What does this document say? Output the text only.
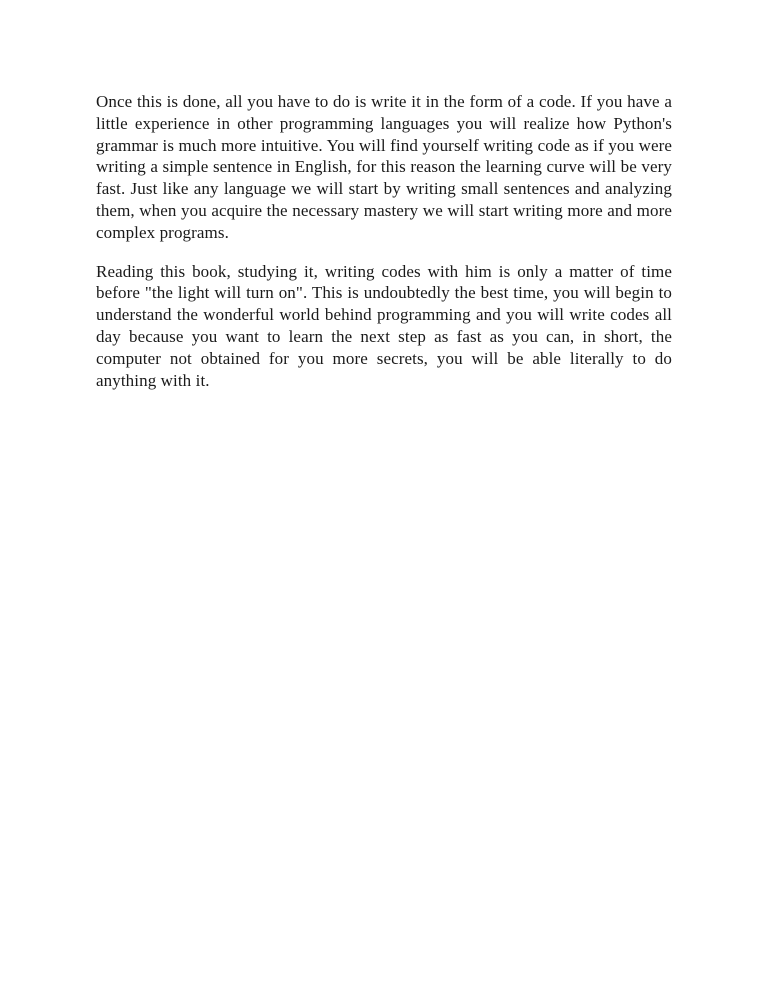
Once this is done, all you have to do is write it in the form of a code. If you have a little experience in other programming languages you will realize how Python's grammar is much more intuitive. You will find yourself writing code as if you were writing a simple sentence in English, for this reason the learning curve will be very fast. Just like any language we will start by writing small sentences and analyzing them, when you acquire the necessary mastery we will start writing more and more complex programs.

Reading this book, studying it, writing codes with him is only a matter of time before "the light will turn on". This is undoubtedly the best time, you will begin to understand the wonderful world behind programming and you will write codes all day because you want to learn the next step as fast as you can, in short, the computer not obtained for you more secrets, you will be able literally to do anything with it.
